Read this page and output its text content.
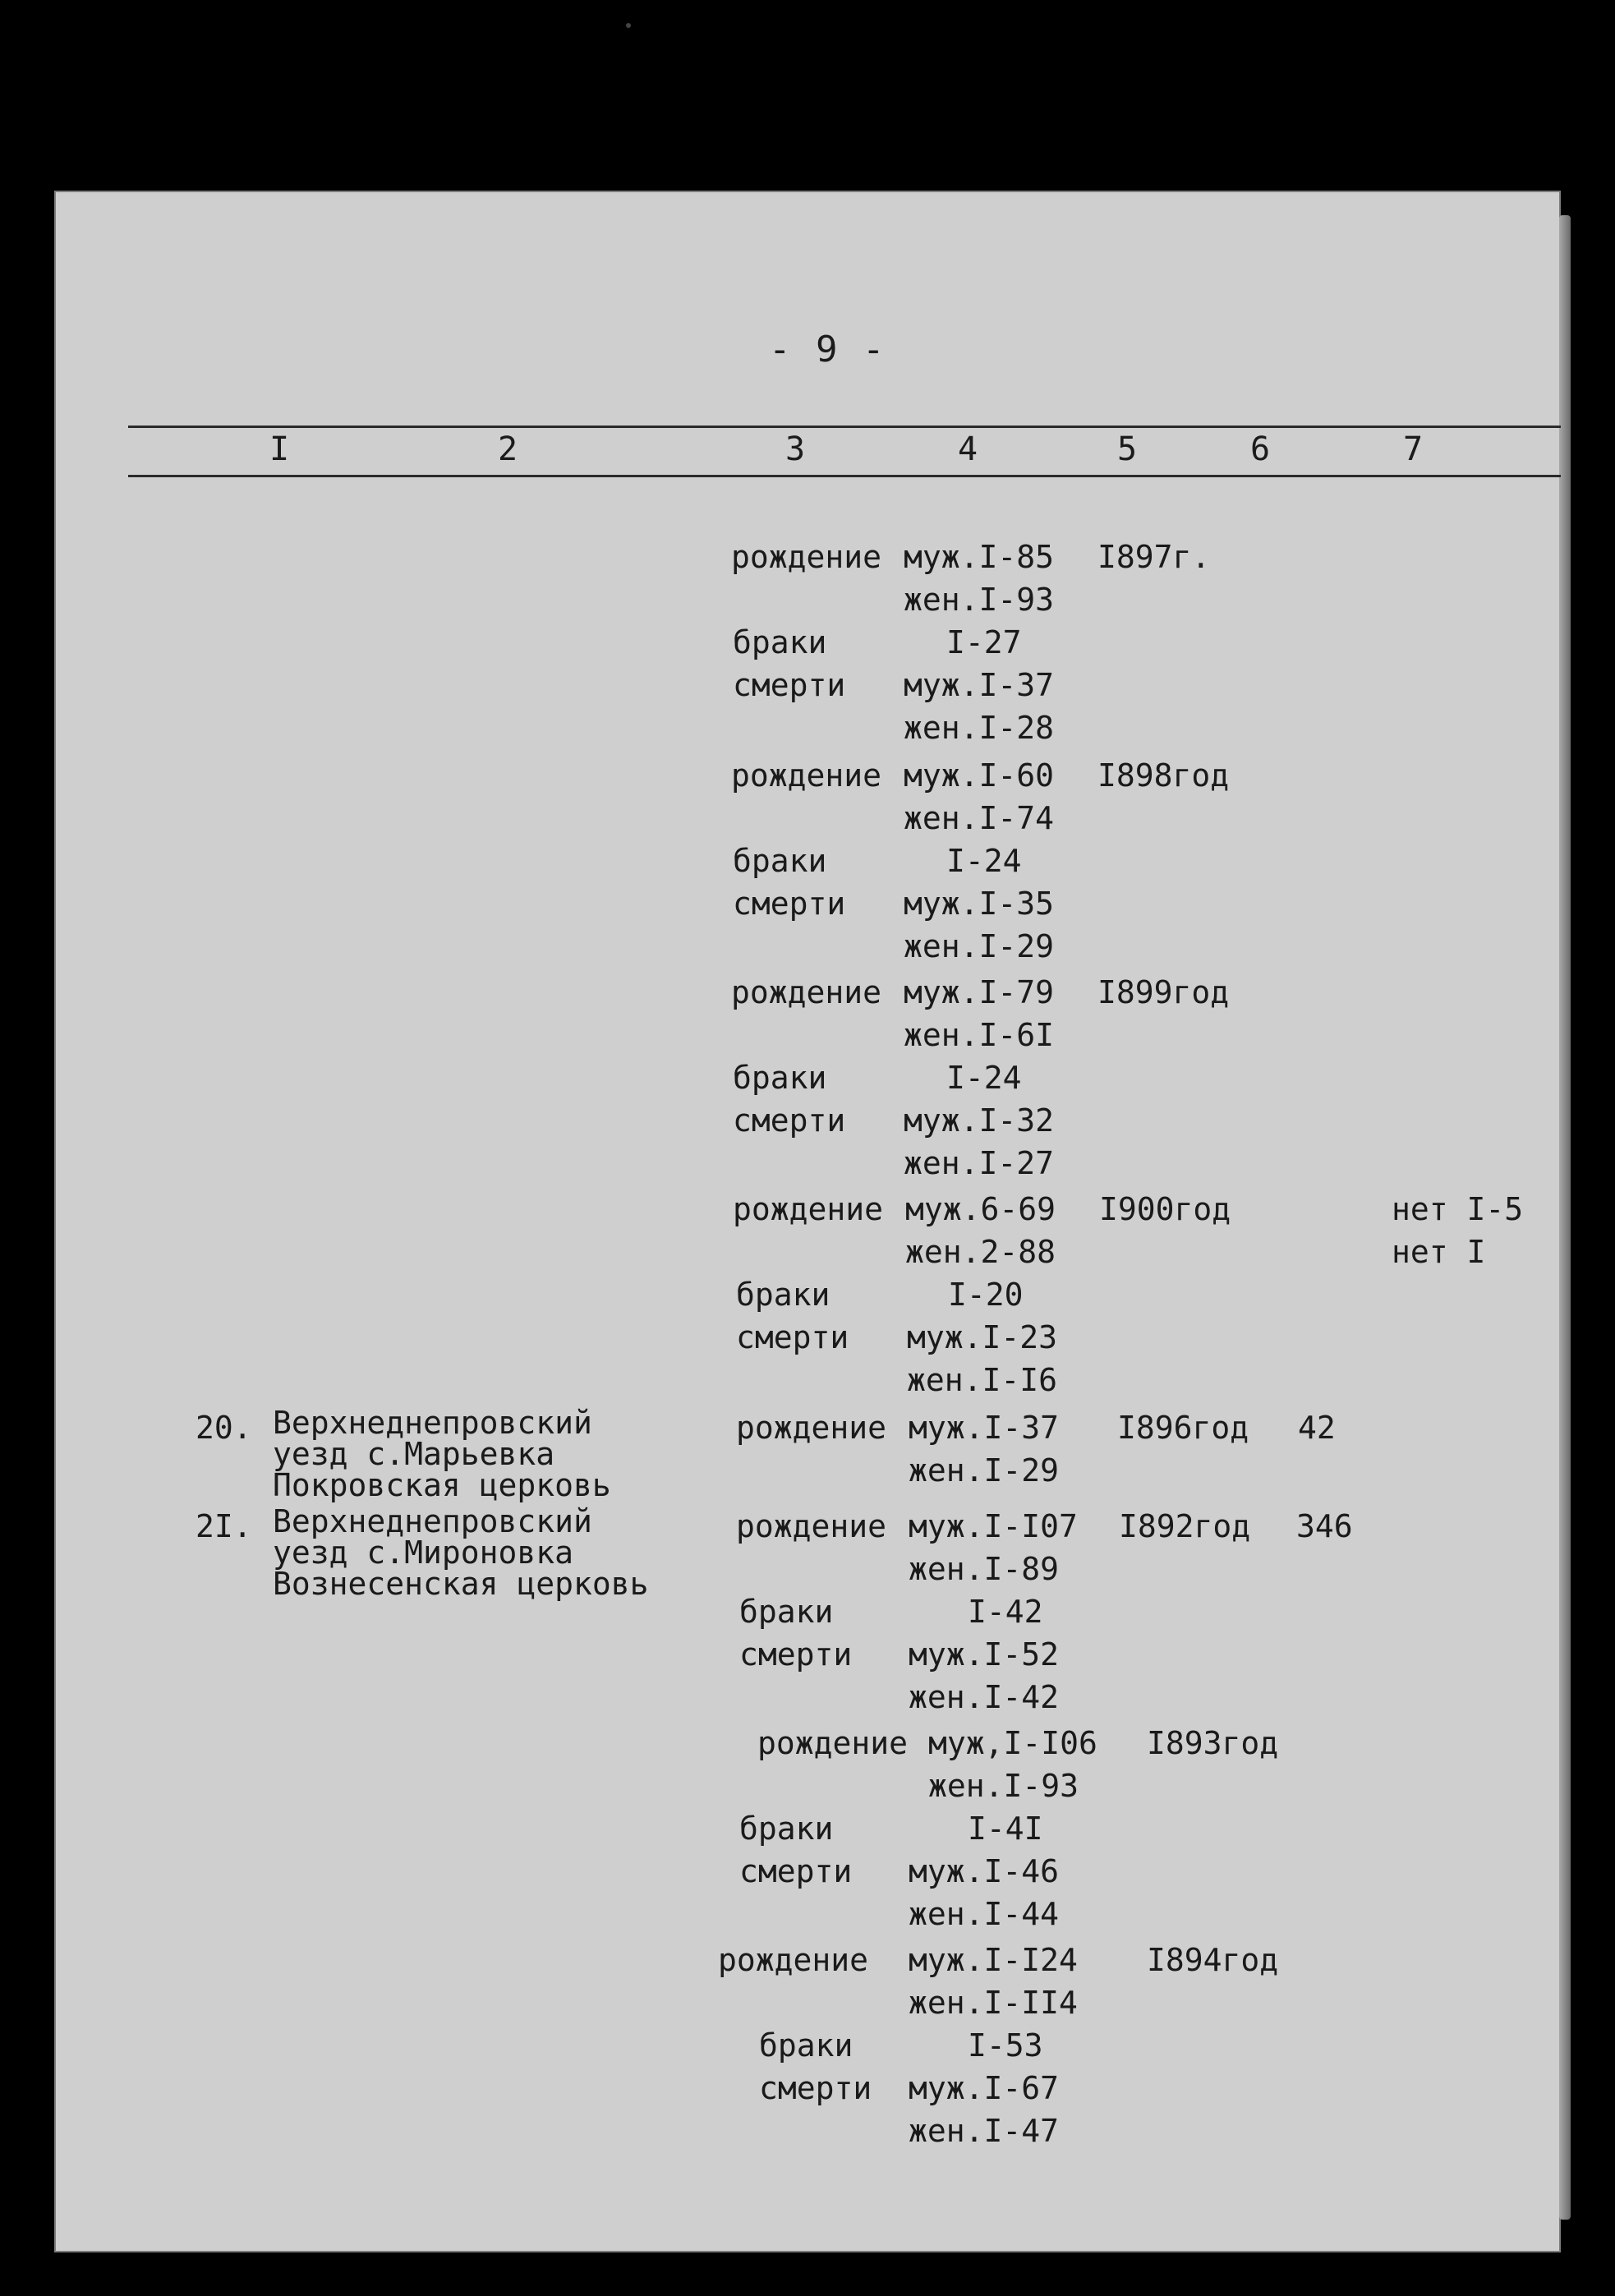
- 9 -
I	2	3	4	5	6	7
рождение муж.I-85 I897г.
жен.I-93
браки	I-27
смерти муж.I-37
жен.I-28
рождение муж.I-60 I898год
жен.I-74
браки	I-24
смерти муж.I-35
жен.I-29
рождение муж.I-79 I899год
жен.I-6I
браки	I-24
смерти муж.I-32
жен.I-27
рождение муж.6-69 I900год	нет I-5
жен.2-88	нет I
браки	I-20
смерти муж.I-23
жен.I-I6
20. Верхнеднепровский
уезд с.Марьевка
Покровская церковь
рождение муж.I-37 I896год 42
жен.I-29
2I. Верхнеднепровский
уезд с.Мироновка
Вознесенская церковь
рождение муж.I-I07 I892год 346
жен.I-89
браки	I-42
смерти муж.I-52
жен.I-42
рождение муж,I-I06 I893год
жен.I-93
браки	I-4I
смерти муж.I-46
жен.I-44
рождение муж.I-I24 I894год
жен.I-II4
браки	I-53
смерти муж.I-67
жен.I-47
